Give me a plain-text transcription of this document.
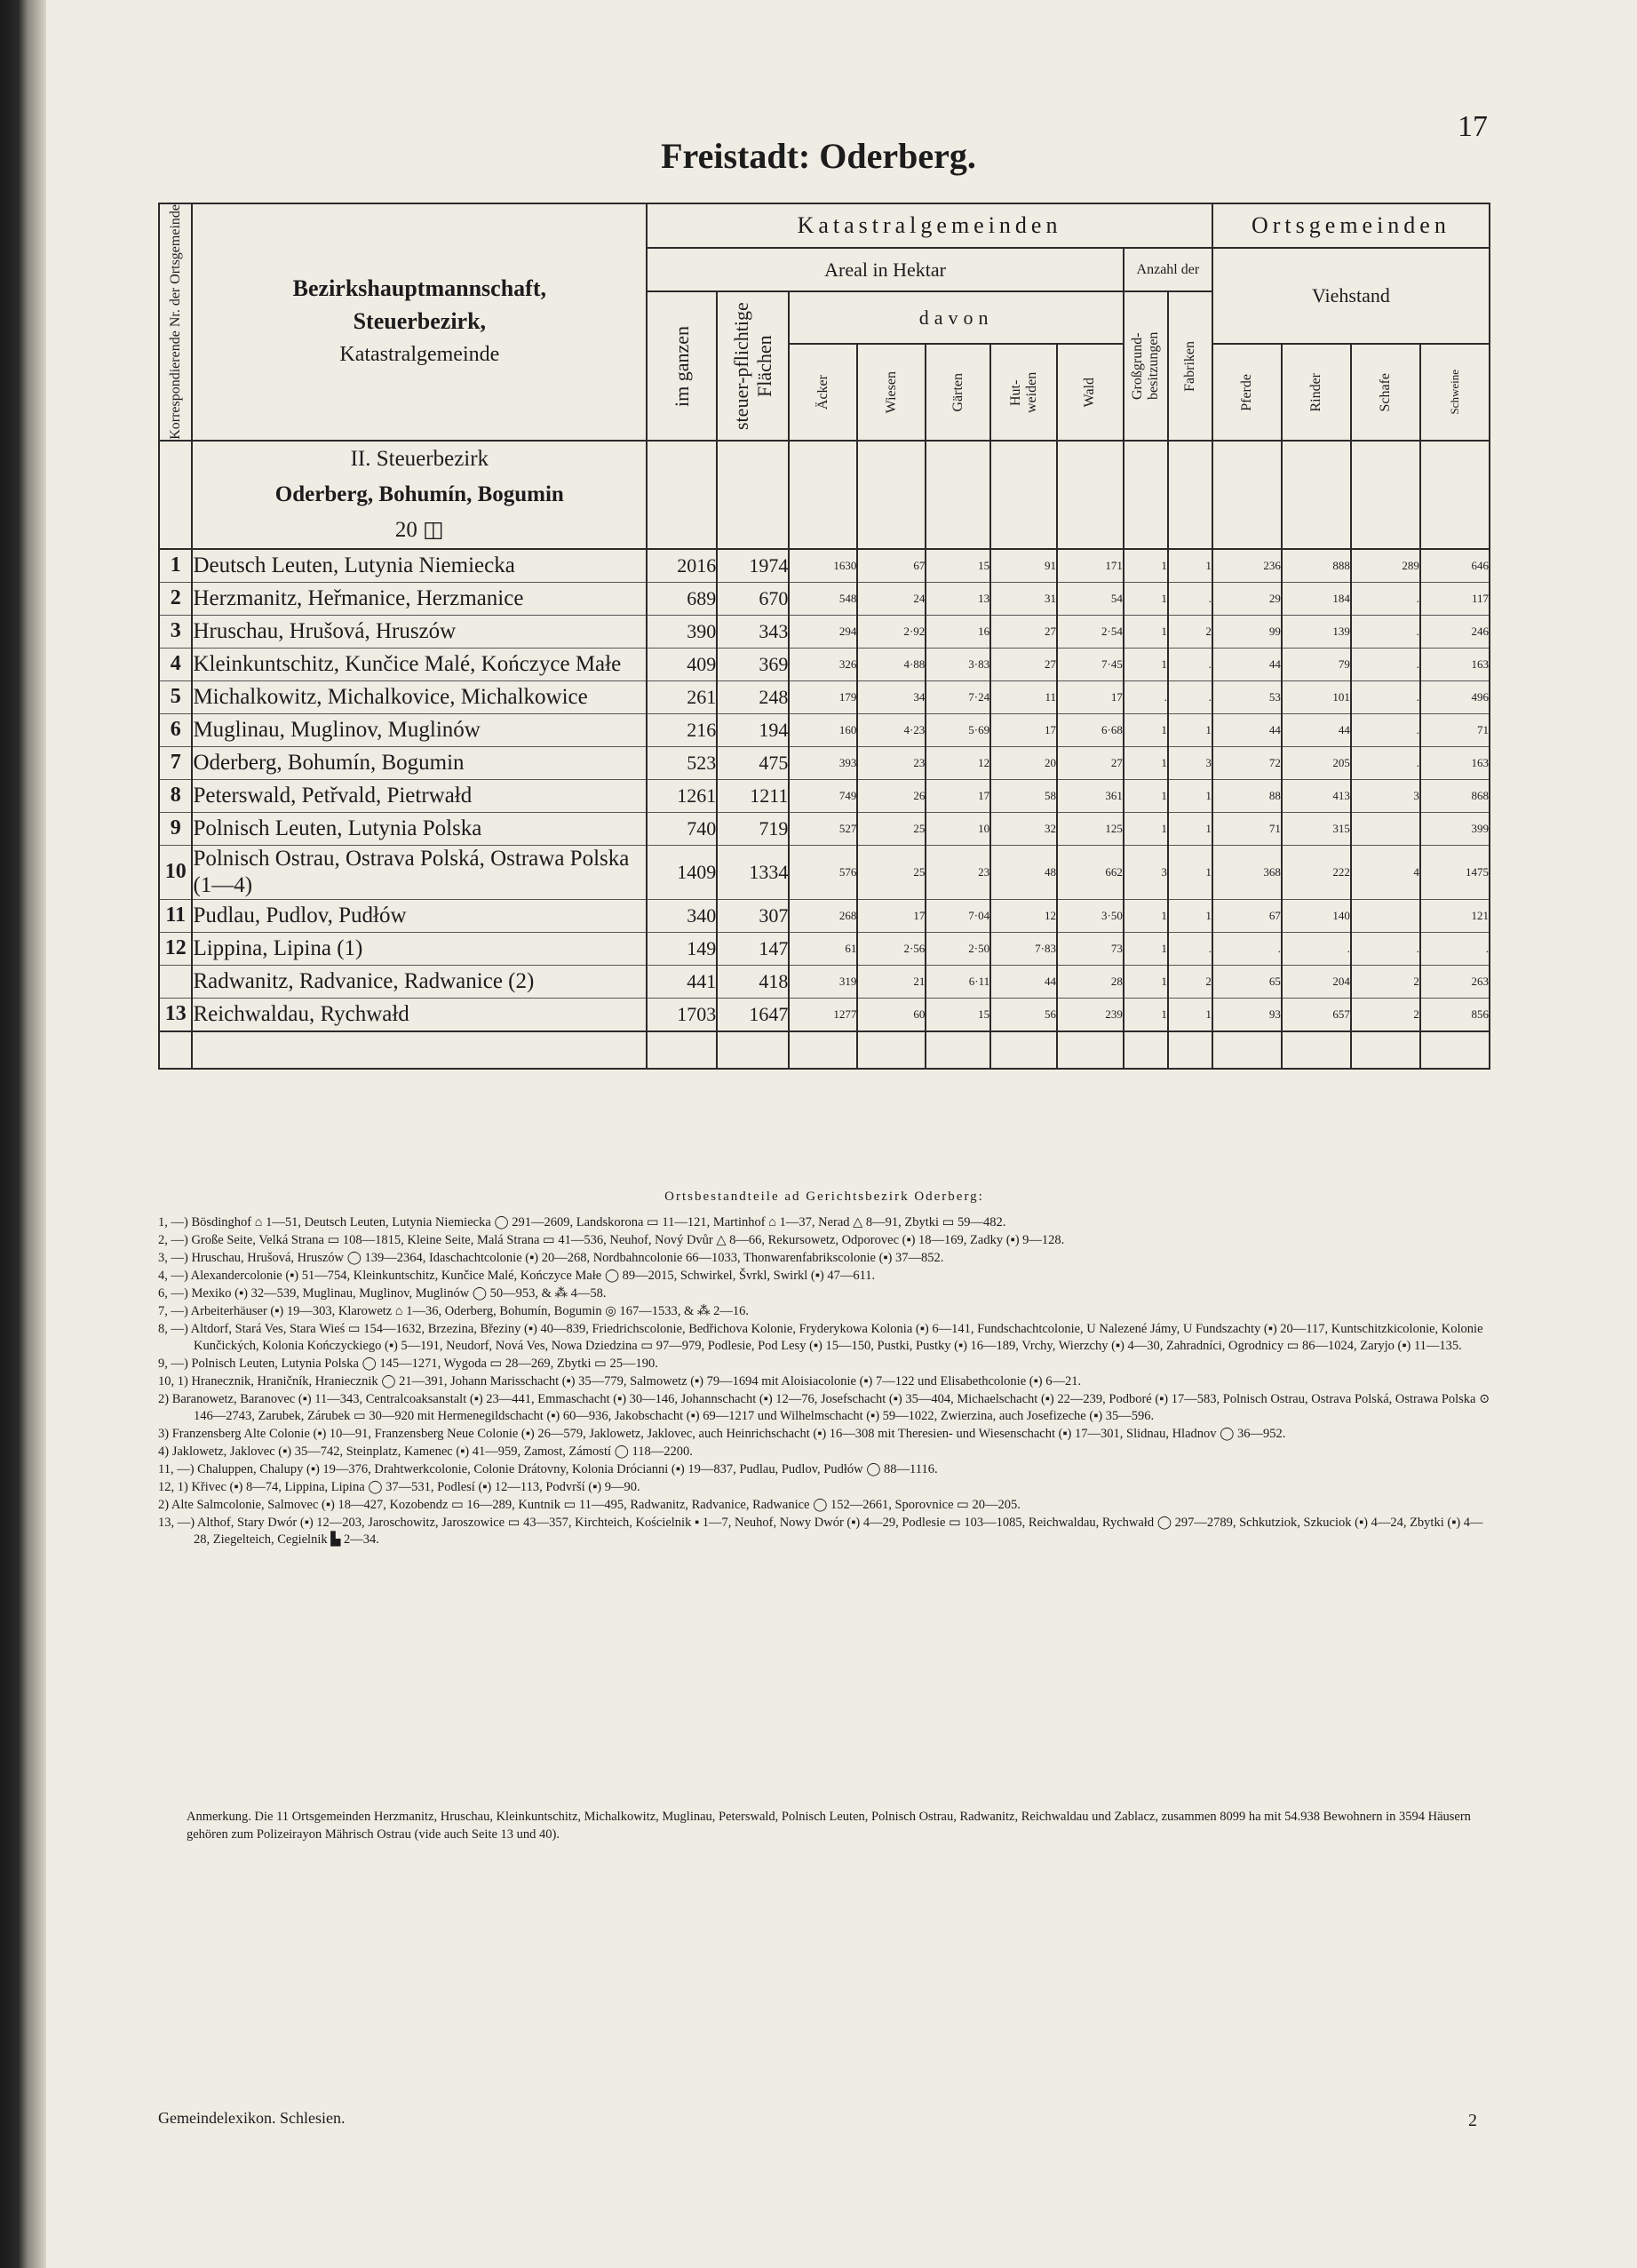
17
Freistadt: Oderberg.
Korrespondierende Nr. der Ortsgemeinde	Bezirkshauptmannschaft,
Steuerbezirk,
Katastralgemeinde	Katastralgemeinden									Ortsgemeinden			
		Areal in Hektar							Anzahl der		Viehstand			

		im ganzen	steuer-pflichtige Flächen	davon					Großgrund-besitzungen	Fabriken				

				Äcker	Wiesen	Gärten	Hut-weiden	Wald			Pferde	Rinder	Schafe	Schweine

	II. Steuerbezirk
Oderberg, Bohumín, Bogumin
20 ◫													

1	Deutsch Leuten, Lutynia Niemiecka	2016	1974	1630	67	15	91	171	1	1	236	888	289	646
2	Herzmanitz, Heřmanice, Herzmanice	689	670	548	24	13	31	54	1	.	29	184	.	117
3	Hruschau, Hrušová, Hruszów	390	343	294	2·92	16	27	2·54	1	2	99	139	.	246
4	Kleinkuntschitz, Kunčice Malé, Kończyce Małe	409	369	326	4·88	3·83	27	7·45	1	.	44	79	.	163
5	Michalkowitz, Michalkovice, Michalkowice	261	248	179	34	7·24	11	17	.	.	53	101	.	496
6	Muglinau, Muglinov, Muglinów	216	194	160	4·23	5·69	17	6·68	1	1	44	44	.	71
7	Oderberg, Bohumín, Bogumin	523	475	393	23	12	20	27	1	3	72	205	.	163
8	Peterswald, Petřvald, Pietrwałd	1261	1211	749	26	17	58	361	1	1	88	413	3	868
9	Polnisch Leuten, Lutynia Polska	740	719	527	25	10	32	125	1	1	71	315		399
10	Polnisch Ostrau, Ostrava Polská, Ostrawa Polska (1—4)	1409	1334	576	25	23	48	662	3	1	368	222	4	1475
11	Pudlau, Pudlov, Pudłów	340	307	268	17	7·04	12	3·50	1	1	67	140		121
12	Lippina, Lipina (1)	149	147	61	2·56	2·50	7·83	73	1	.	.	.	.	.
	Radwanitz, Radvanice, Radwanice (2)	441	418	319	21	6·11	44	28	1	2	65	204	2	263
13	Reichwaldau, Rychwałd	1703	1647	1277	60	15	56	239	1	1	93	657	2	856

Ortsbestandteile ad Gerichtsbezirk Oderberg:

1, —) Bösdinghof ⌂ 1—51, Deutsch Leuten, Lutynia Niemiecka ◯ 291—2609, Landskorona ▭ 11—121, Martinhof ⌂ 1—37, Nerad △ 8—91, Zbytki ▭ 59—482.

2, —) Große Seite, Velká Strana ▭ 108—1815, Kleine Seite, Malá Strana ▭ 41—536, Neuhof, Nový Dvůr △ 8—66, Rekursowetz, Odporovec (▪) 18—169, Zadky (▪) 9—128.

3, —) Hruschau, Hrušová, Hruszów ◯ 139—2364, Idaschachtcolonie (▪) 20—268, Nordbahncolonie 66—1033, Thonwarenfabrikscolonie (▪) 37—852.

4, —) Alexandercolonie (▪) 51—754, Kleinkuntschitz, Kunčice Malé, Kończyce Małe ◯ 89—2015, Schwirkel, Švrkl, Swirkl (▪) 47—611.

6, —) Mexiko (▪) 32—539, Muglinau, Muglinov, Muglinów ◯ 50—953, & ⁂ 4—58.

7, —) Arbeiterhäuser (▪) 19—303, Klarowetz ⌂ 1—36, Oderberg, Bohumín, Bogumin ◎ 167—1533, & ⁂ 2—16.

8, —) Altdorf, Stará Ves, Stara Wieś ▭ 154—1632, Brzezina, Březiny (▪) 40—839, Friedrichscolonie, Bedřichova Kolonie, Fryderykowa Kolonia (▪) 6—141, Fundschachtcolonie, U Nalezené Jámy, U Fundszachty (▪) 20—117, Kuntschitzkicolonie, Kolonie Kunčických, Kolonia Kończyckiego (▪) 5—191, Neudorf, Nová Ves, Nowa Dziedzina ▭ 97—979, Podlesie, Pod Lesy (▪) 15—150, Pustki, Pustky (▪) 16—189, Vrchy, Wierzchy (▪) 4—30, Zahradníci, Ogrodnicy ▭ 86—1024, Zaryjo (▪) 11—135.

9, —) Polnisch Leuten, Lutynia Polska ◯ 145—1271, Wygoda ▭ 28—269, Zbytki ▭ 25—190.

10, 1) Hranecznik, Hraničník, Hraniecznik ◯ 21—391, Johann Marisschacht (▪) 35—779, Salmowetz (▪) 79—1694 mit Aloisiacolonie (▪) 7—122 und Elisabethcolonie (▪) 6—21.

2) Baranowetz, Baranovec (▪) 11—343, Centralcoaksanstalt (▪) 23—441, Emmaschacht (▪) 30—146, Johannschacht (▪) 12—76, Josefschacht (▪) 35—404, Michaelschacht (▪) 22—239, Podboré (▪) 17—583, Polnisch Ostrau, Ostrava Polská, Ostrawa Polska ⊙ 146—2743, Zarubek, Zárubek ▭ 30—920 mit Hermenegildschacht (▪) 60—936, Jakobschacht (▪) 69—1217 und Wilhelmschacht (▪) 59—1022, Zwierzina, auch Josefizeche (▪) 35—596.

3) Franzensberg Alte Colonie (▪) 10—91, Franzensberg Neue Colonie (▪) 26—579, Jaklowetz, Jaklovec, auch Heinrichschacht (▪) 16—308 mit Theresien- und Wiesenschacht (▪) 17—301, Slidnau, Hladnov ◯ 36—952.

4) Jaklowetz, Jaklovec (▪) 35—742, Steinplatz, Kamenec (▪) 41—959, Zamost, Zámostí ◯ 118—2200.

11, —) Chaluppen, Chalupy (▪) 19—376, Drahtwerkcolonie, Colonie Drátovny, Kolonia Drócianni (▪) 19—837, Pudlau, Pudlov, Pudłów ◯ 88—1116.

12, 1) Křivec (▪) 8—74, Lippina, Lipina ◯ 37—531, Podlesí (▪) 12—113, Podvrší (▪) 9—90.

2) Alte Salmcolonie, Salmovec (▪) 18—427, Kozobendz ▭ 16—289, Kuntnik ▭ 11—495, Radwanitz, Radvanice, Radwanice ◯ 152—2661, Sporovnice ▭ 20—205.

13, —) Althof, Stary Dwór (▪) 12—203, Jaroschowitz, Jaroszowice ▭ 43—357, Kirchteich, Kościelnik ▪ 1—7, Neuhof, Nowy Dwór (▪) 4—29, Podlesie ▭ 103—1085, Reichwaldau, Rychwałd ◯ 297—2789, Schkutziok, Szkuciok (▪) 4—24, Zbytki (▪) 4—28, Ziegelteich, Cegielnik ▙ 2—34.

Anmerkung. Die 11 Ortsgemeinden Herzmanitz, Hruschau, Kleinkuntschitz, Michalkowitz, Muglinau, Peterswald, Polnisch Leuten, Polnisch Ostrau, Radwanitz, Reichwaldau und Zablacz, zusammen 8099 ha mit 54.938 Bewohnern in 3594 Häusern gehören zum Polizeirayon Mährisch Ostrau (vide auch Seite 13 und 40).
Gemeindelexikon. Schlesien.	2
